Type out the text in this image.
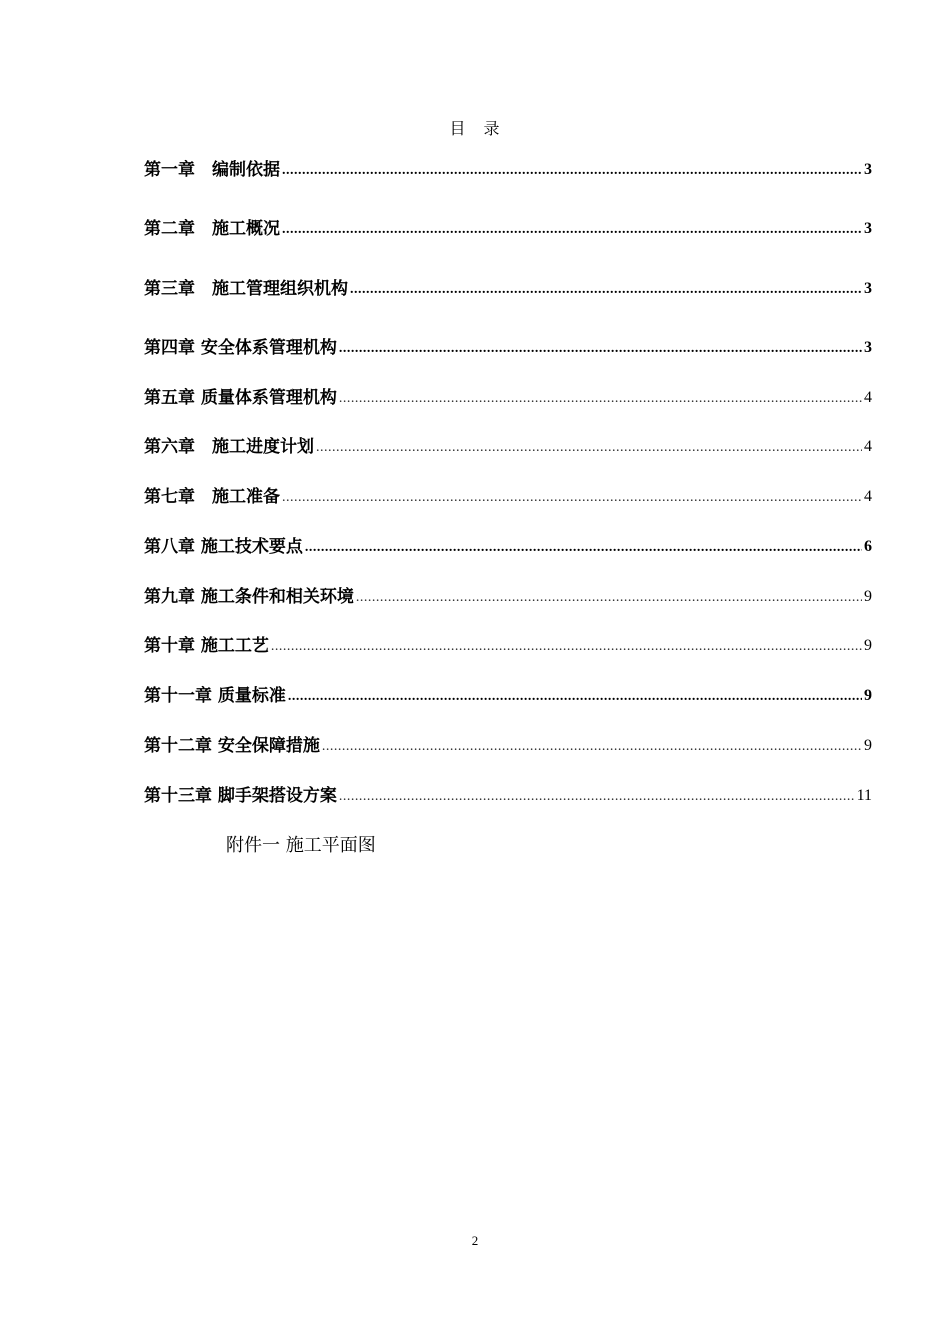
目　录
第一章　编制依据 .....	3
第二章　施工概况 .....	3
第三章　施工管理组织机构 .....	3
第四章 安全体系管理机构 .....	3
第五章 质量体系管理机构 .....	4
第六章　施工进度计划 .....	4
第七章　施工准备 .....	4
第八章 施工技术要点 .....	6
第九章 施工条件和相关环境 .....	9
第十章 施工工艺 .....	9
第十一章 质量标准 .....	9
第十二章 安全保障措施 .....	9
第十三章 脚手架搭设方案 .....	11
附件一 施工平面图
2
